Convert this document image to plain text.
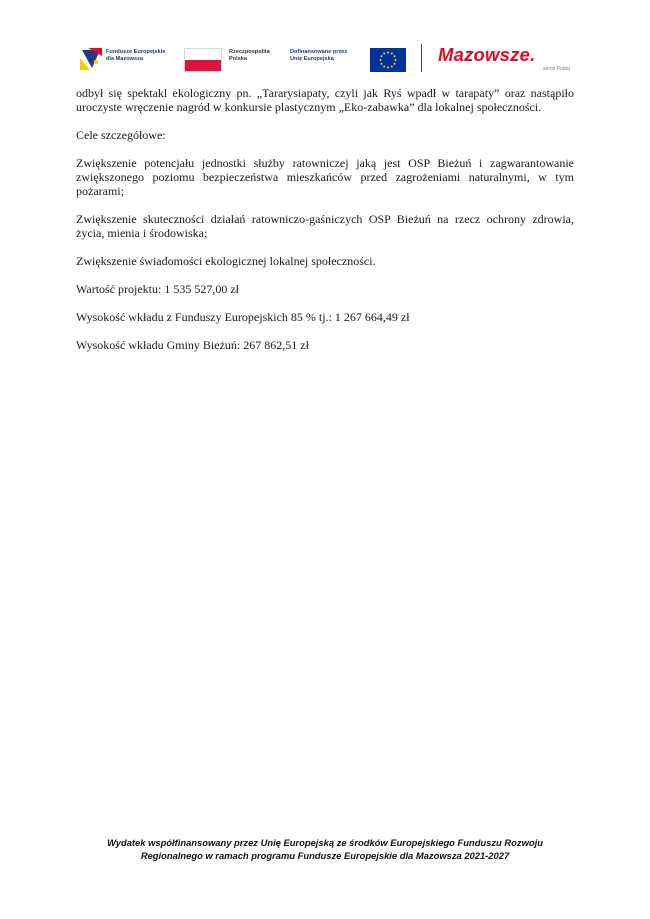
Fundusze Europejskie
dla Mazowsza
Rzeczpospolita
Polska
Dofinansowane przez
Unię Europejską	Mazowsze.
serce Polski

odbył się spektakl ekologiczny pn. „Tararysiapaty, czyli jak Ryś wpadł w tarapaty” oraz nastąpiło uroczyste wręczenie nagród w konkursie plastycznym „Eko-zabawka” dla lokalnej społeczności.

Cele szczegółowe:

Zwiększenie potencjału jednostki służby ratowniczej jaką jest OSP Bieżuń i zagwarantowanie zwiększonego poziomu bezpieczeństwa mieszkańców przed zagrożeniami naturalnymi, w tym pożarami;

Zwiększenie skuteczności działań ratowniczo-gaśniczych OSP Bieżuń na rzecz ochrony zdrowia, życia, mienia i środowiska;

Zwiększenie świadomości ekologicznej lokalnej społeczności.

Wartość projektu: 1 535 527,00 zł

Wysokość wkładu z Funduszy Europejskich 85 % tj.: 1 267 664,49 zł

Wysokość wkładu Gminy Bieżuń: 267 862,51 zł

Wydatek współfinansowany przez Unię Europejską ze środków Europejskiego Funduszu Rozwoju
Regionalnego w ramach programu Fundusze Europejskie dla Mazowsza 2021-2027
